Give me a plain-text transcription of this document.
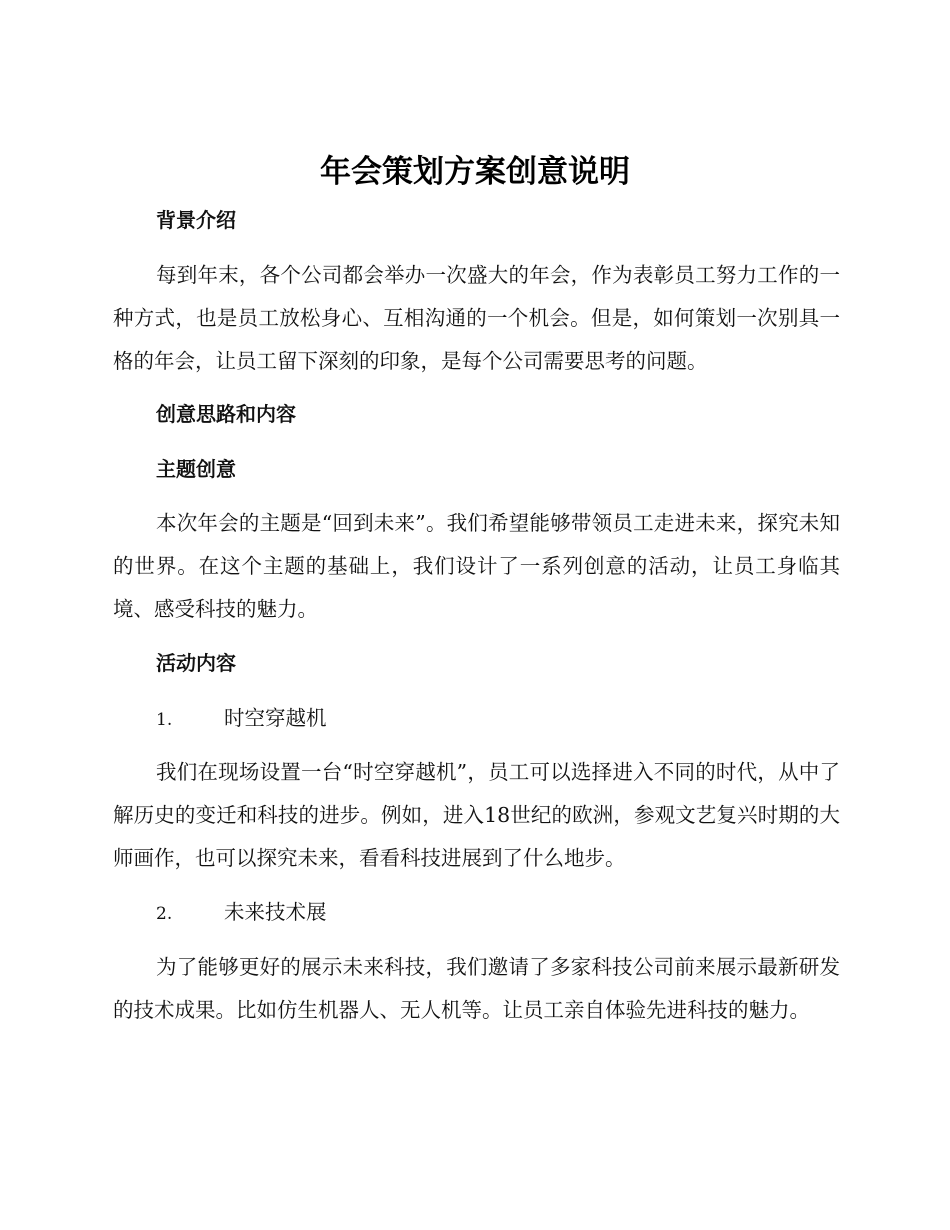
年会策划方案创意说明
背景介绍

每到年末，各个公司都会举办一次盛大的年会，作为表彰员工努力工作的一种方式，也是员工放松身心、互相沟通的一个机会。但是，如何策划一次别具一格的年会，让员工留下深刻的印象，是每个公司需要思考的问题。

创意思路和内容
主题创意

本次年会的主题是“回到未来”。我们希望能够带领员工走进未来，探究未知的世界。在这个主题的基础上，我们设计了一系列创意的活动，让员工身临其境、感受科技的魅力。

活动内容
1.	时空穿越机

我们在现场设置一台“时空穿越机”，员工可以选择进入不同的时代，从中了解历史的变迁和科技的进步。例如，进入18世纪的欧洲，参观文艺复兴时期的大师画作，也可以探究未来，看看科技进展到了什么地步。

2.	未来技术展

为了能够更好的展示未来科技，我们邀请了多家科技公司前来展示最新研发的技术成果。比如仿生机器人、无人机等。让员工亲自体验先进科技的魅力。
